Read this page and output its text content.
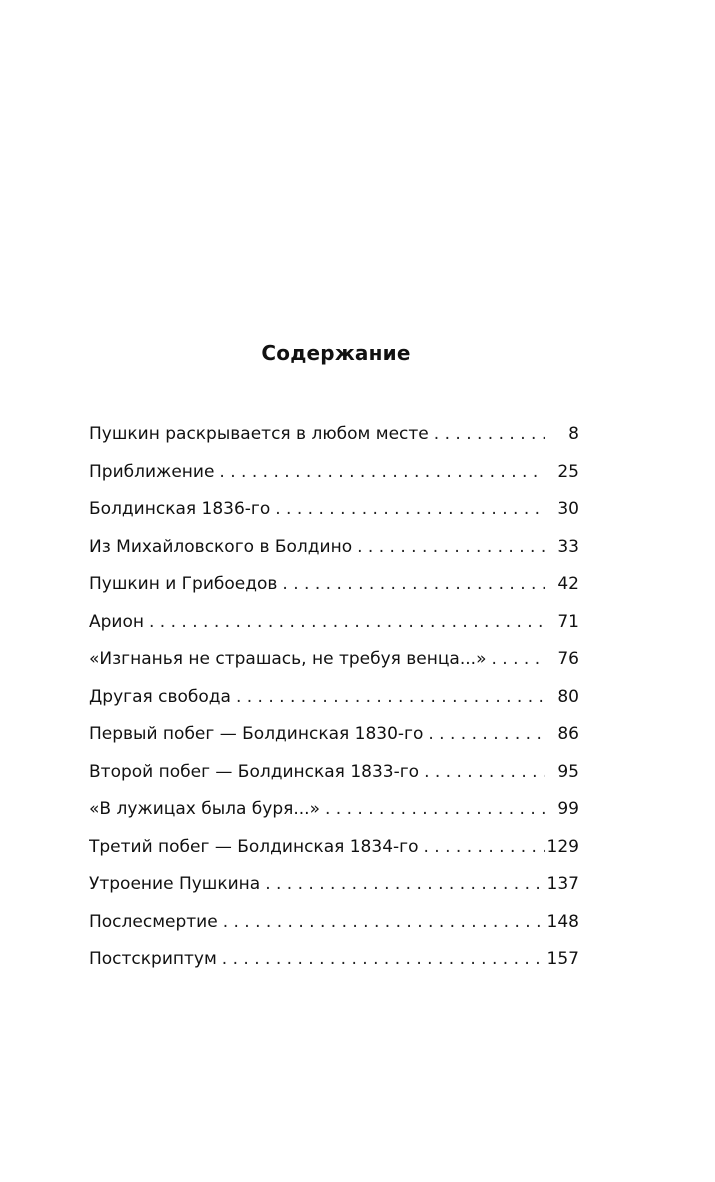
Содержание
Пушкин раскрывается в любом месте . . .	8
Приближение . . .	25
Болдинская 1836-го . . .	30
Из Михайловского в Болдино . . .	33
Пушкин и Грибоедов . . .	42
Арион . . .	71
«Изгнанья не страшась, не требуя венца...» . . .	76
Другая свобода . . .	80
Первый побег — Болдинская 1830-го . . .	86
Второй побег — Болдинская 1833-го . . .	95
«В лужицах была буря...» . . .	99
Третий побег — Болдинская 1834-го . . .	129
Утроение Пушкина . . .	137
Послесмертие . . .	148
Постскриптум . . .	157
